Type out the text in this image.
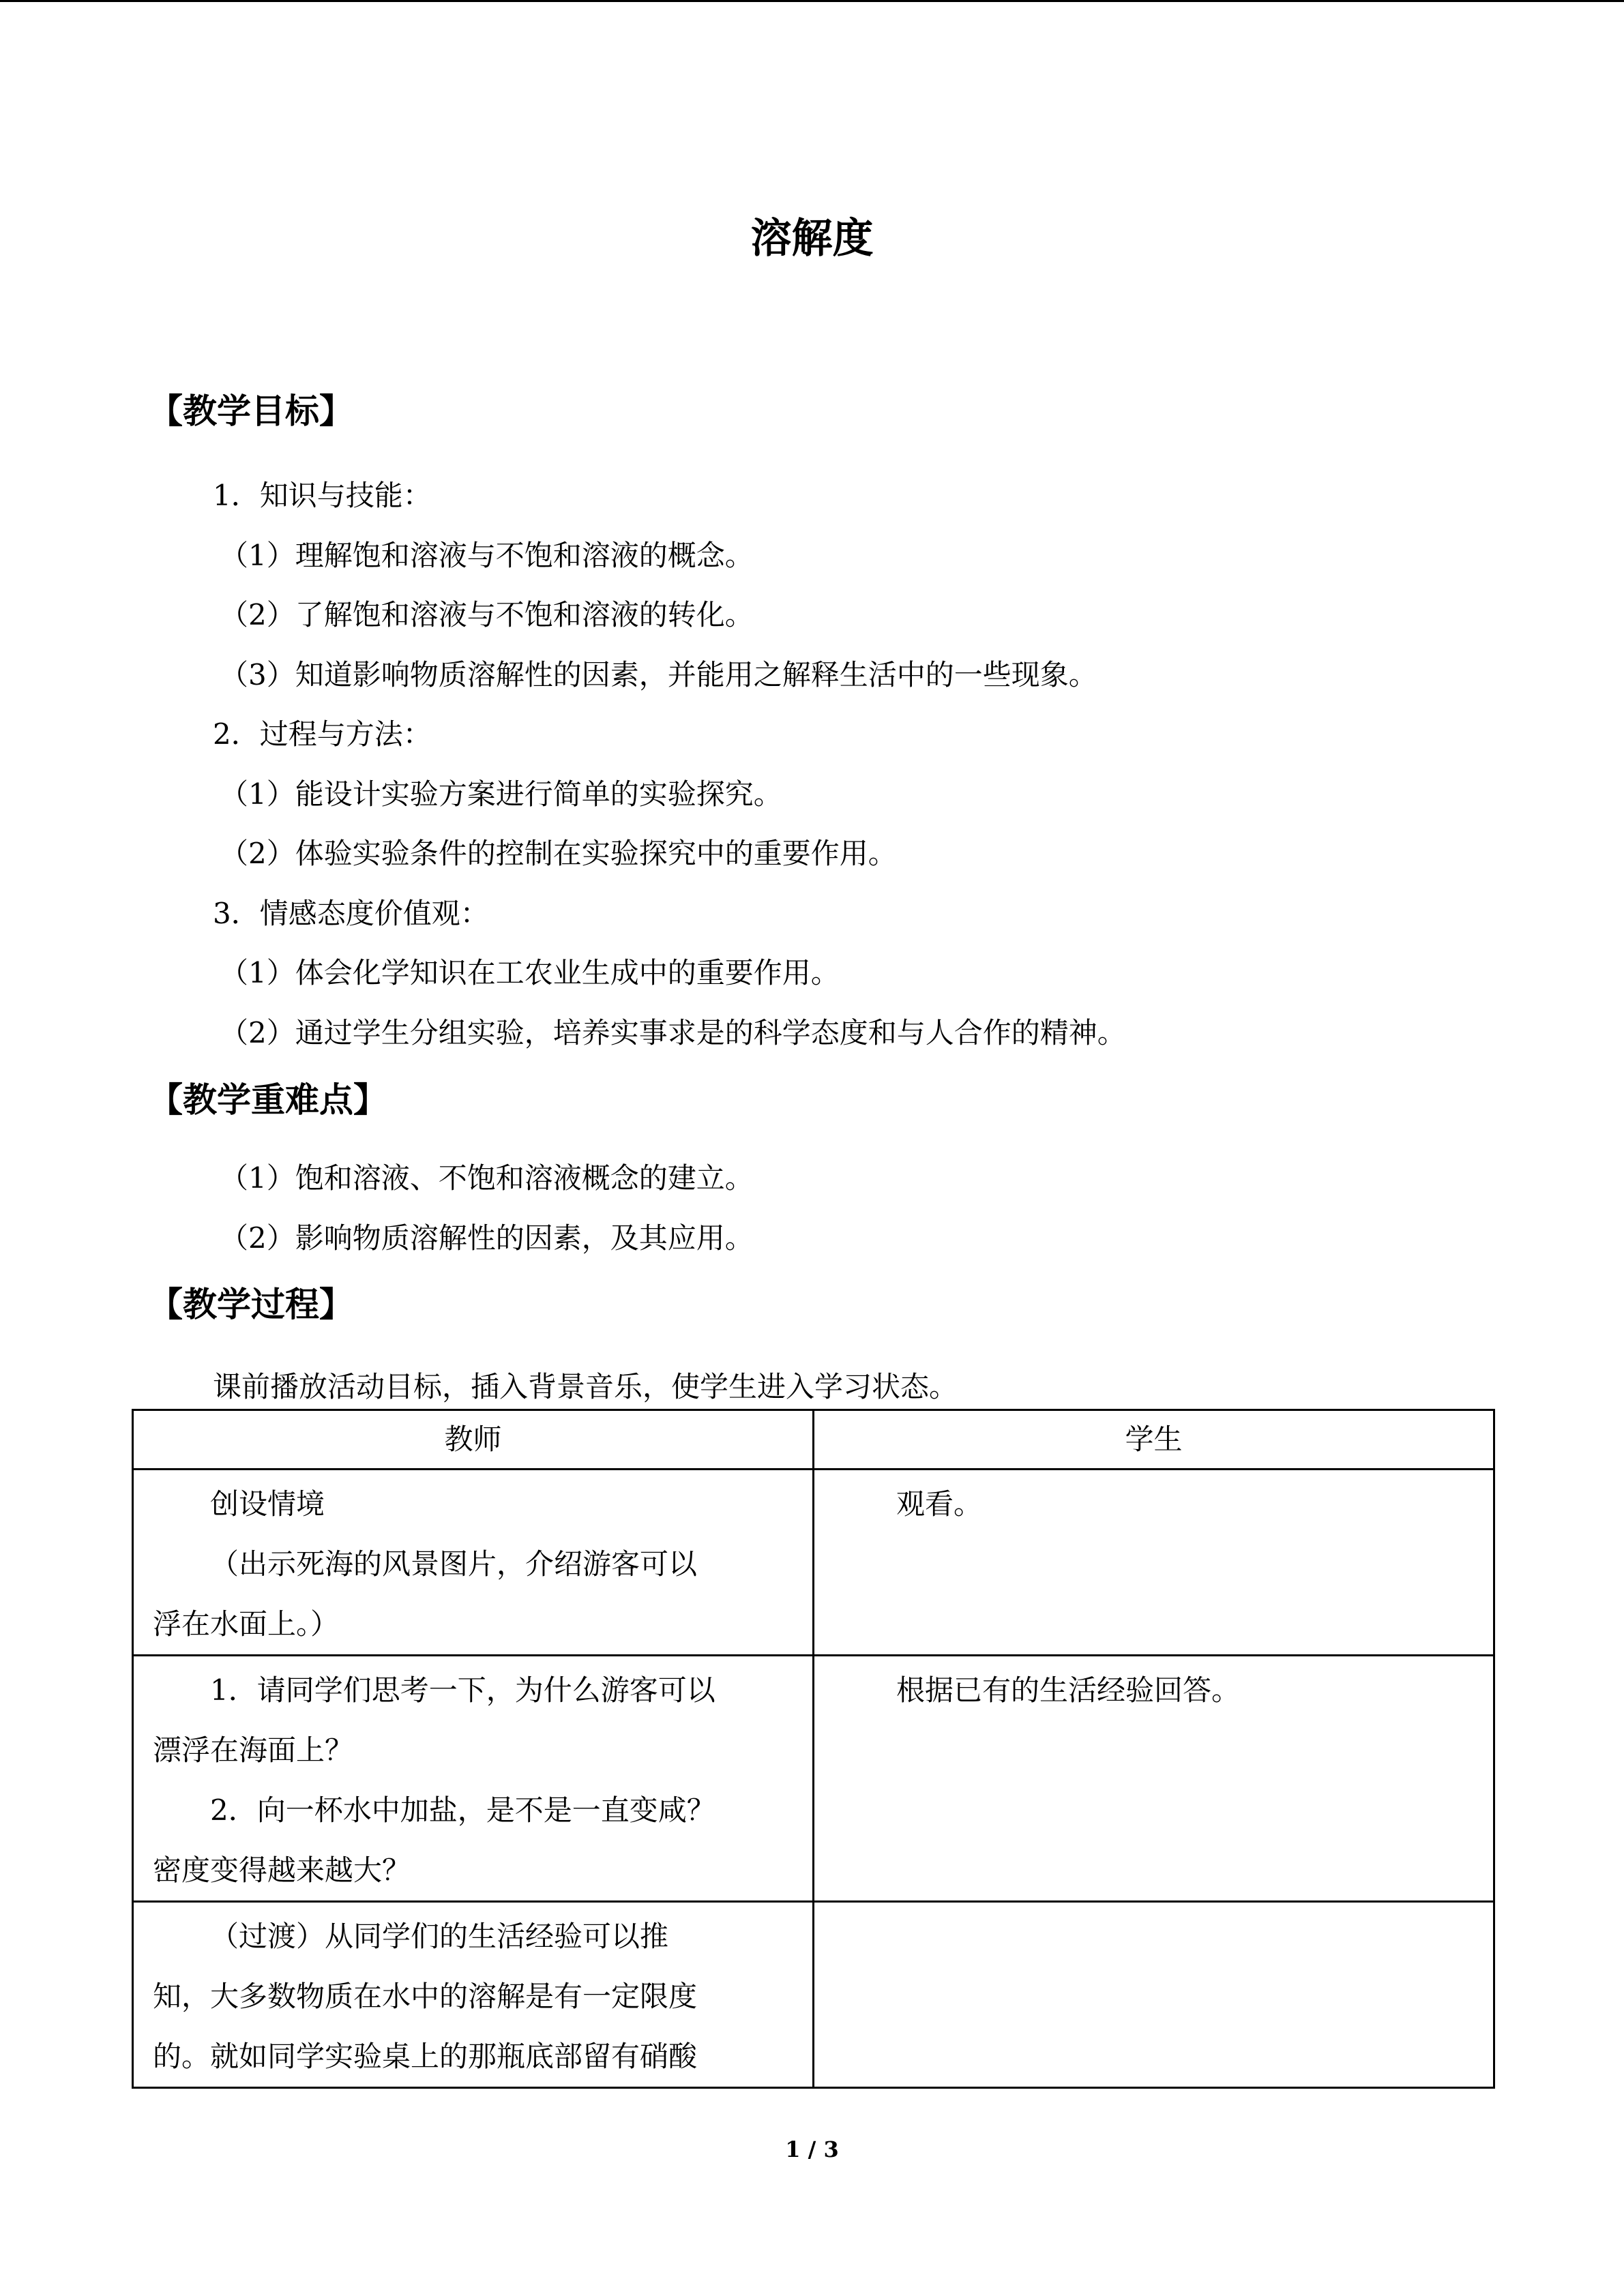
溶解度
【教学目标】
1．知识与技能：
（1）理解饱和溶液与不饱和溶液的概念。
（2）了解饱和溶液与不饱和溶液的转化。
（3）知道影响物质溶解性的因素，并能用之解释生活中的一些现象。
2．过程与方法：
（1）能设计实验方案进行简单的实验探究。
（2）体验实验条件的控制在实验探究中的重要作用。
3．情感态度价值观：
（1）体会化学知识在工农业生成中的重要作用。
（2）通过学生分组实验，培养实事求是的科学态度和与人合作的精神。
【教学重难点】
（1）饱和溶液、不饱和溶液概念的建立。
（2）影响物质溶解性的因素，及其应用。
【教学过程】
课前播放活动目标，插入背景音乐，使学生进入学习状态。
教师	学生

创设情境
（出示死海的风景图片，介绍游客可以
浮在水面上。）	观看。

1．请同学们思考一下，为什么游客可以
漂浮在海面上？
2．向一杯水中加盐，是不是一直变咸？
密度变得越来越大？	根据已有的生活经验回答。

（过渡）从同学们的生活经验可以推
知，大多数物质在水中的溶解是有一定限度
的。就如同学实验桌上的那瓶底部留有硝酸	

1 / 3
